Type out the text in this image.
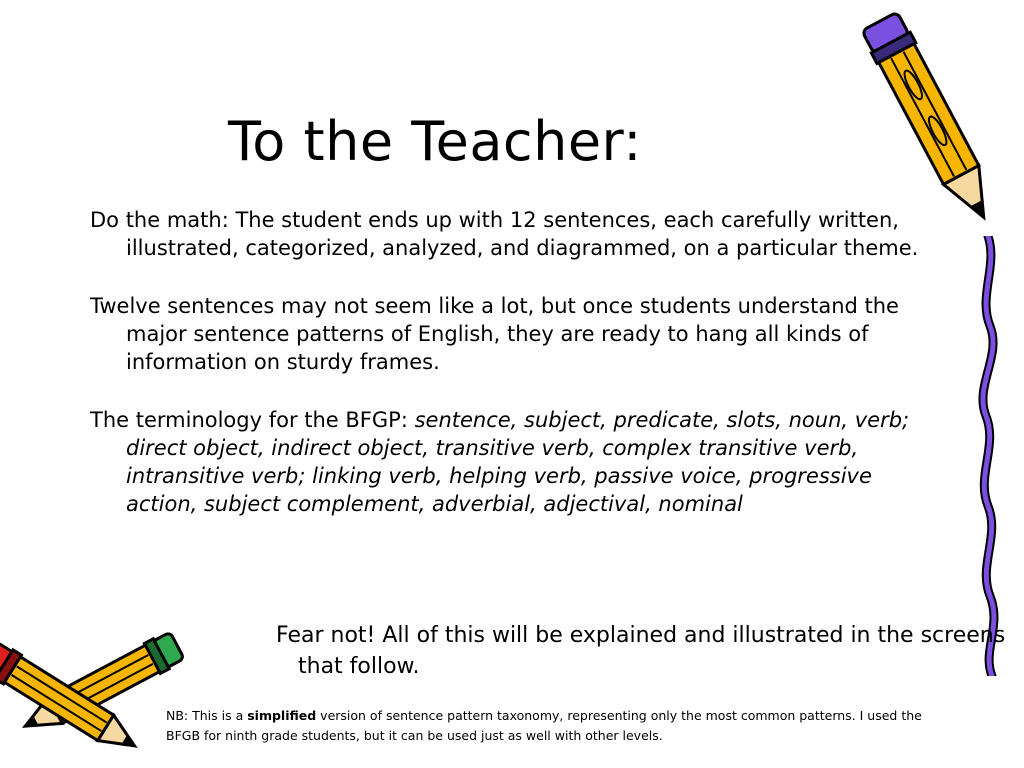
To the Teacher:

Do the math: The student ends up with 12 sentences, each carefully written, illustrated, categorized, analyzed, and diagrammed, on a particular theme.

Twelve sentences may not seem like a lot, but once students understand the major sentence patterns of English, they are ready to hang all kinds of information on sturdy frames.

The terminology for the BFGP: sentence, subject, predicate, slots, noun, verb; direct object, indirect object, transitive verb, complex transitive verb, intransitive verb; linking verb, helping verb, passive voice, progressive action, subject complement, adverbial, adjectival, nominal

Fear not! All of this will be explained and illustrated in the screens that follow.
NB: This is a simplified version of sentence pattern taxonomy, representing only the most common patterns. I used the BFGB for ninth grade students, but it can be used just as well with other levels.
